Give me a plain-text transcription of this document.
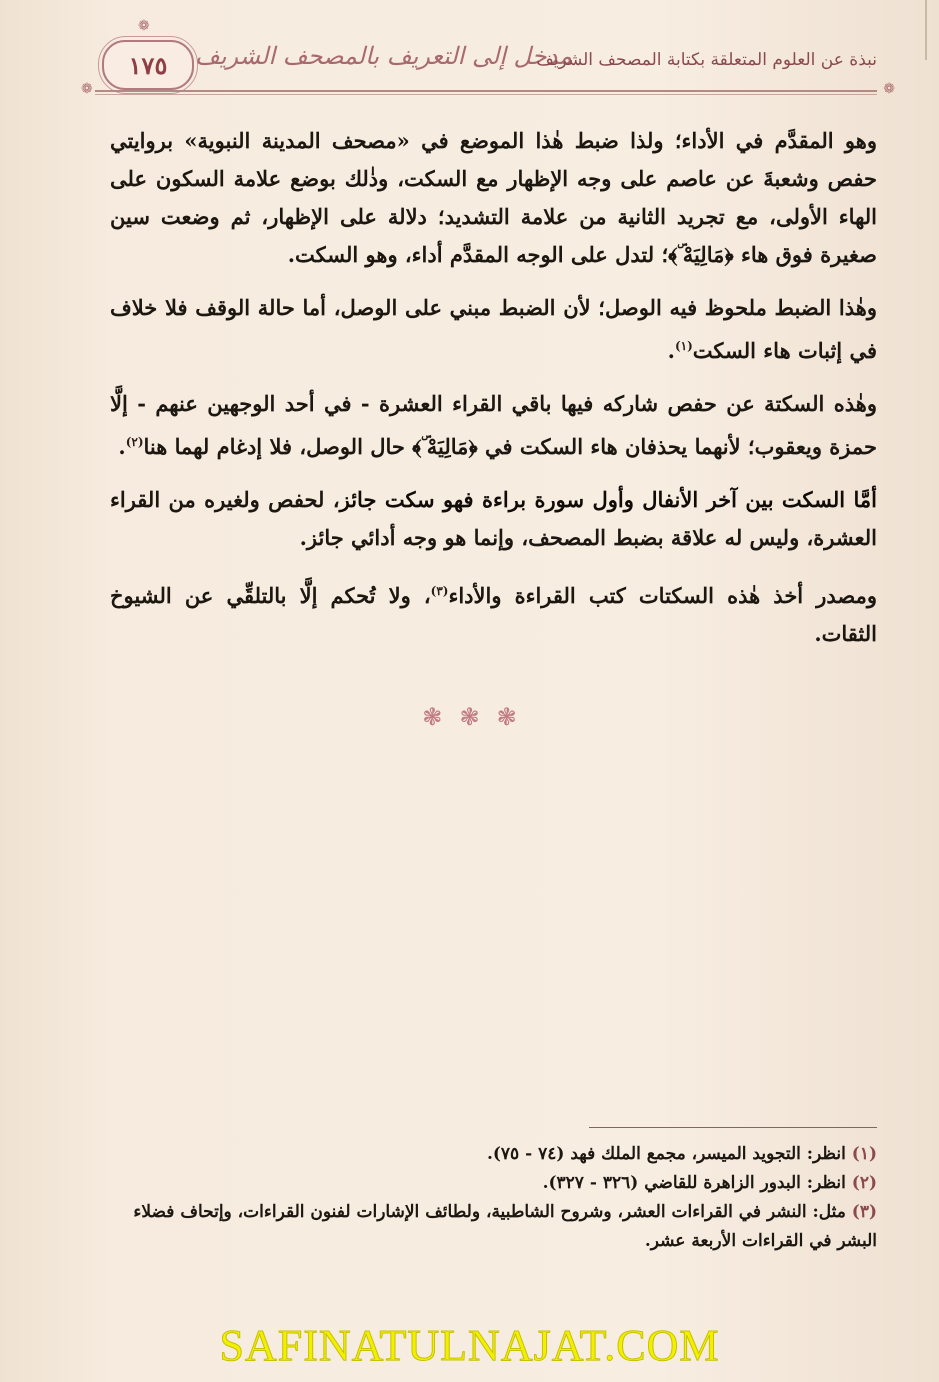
❁
❁	❁
١٧٥ مدخل إلى التعريف بالمصحف الشريف
نبذة عن العلوم المتعلقة بكتابة المصحف الشريف

وهو المقدَّم في الأداء؛ ولذا ضبط هٰذا الموضع في «مصحف المدينة النبوية» بروايتي حفص وشعبةَ عن عاصم على وجه الإظهار مع السكت، وذٰلك بوضع علامة السكون على الهاء الأولى، مع تجريد الثانية من علامة التشديد؛ دلالة على الإظهار، ثم وضعت سين صغيرة فوق هاء ﴿مَالِيَهْ ۜ﴾؛ لتدل على الوجه المقدَّم أداء، وهو السكت.

وهٰذا الضبط ملحوظ فيه الوصل؛ لأن الضبط مبني على الوصل، أما حالة الوقف فلا خلاف في إثبات هاء السكت$^{(١)}$.

وهٰذه السكتة عن حفص شاركه فيها باقي القراء العشرة - في أحد الوجهين عنهم - إلَّا حمزة ويعقوب؛ لأنهما يحذفان هاء السكت في ﴿مَالِيَهْ ۜ﴾ حال الوصل، فلا إدغام لهما هنا$^{(٢)}$.

أمَّا السكت بين آخر الأنفال وأول سورة براءة فهو سكت جائز، لحفص ولغيره من القراء العشرة، وليس له علاقة بضبط المصحف، وإنما هو وجه أدائي جائز.

ومصدر أخذ هٰذه السكتات كتب القراءة والأداء$^{(٣)}$، ولا تُحكم إلَّا بالتلقِّي عن الشيوخ الثقات.

❃ ❃ ❃

(١) انظر: التجويد الميسر، مجمع الملك فهد (٧٤ - ٧٥).

(٢) انظر: البدور الزاهرة للقاضي (٣٢٦ - ٣٢٧).

(٣) مثل: النشر في القراءات العشر، وشروح الشاطبية، ولطائف الإشارات لفنون القراءات، وإتحاف فضلاء البشر في القراءات الأربعة عشر.

SAFINATULNAJAT.COM
